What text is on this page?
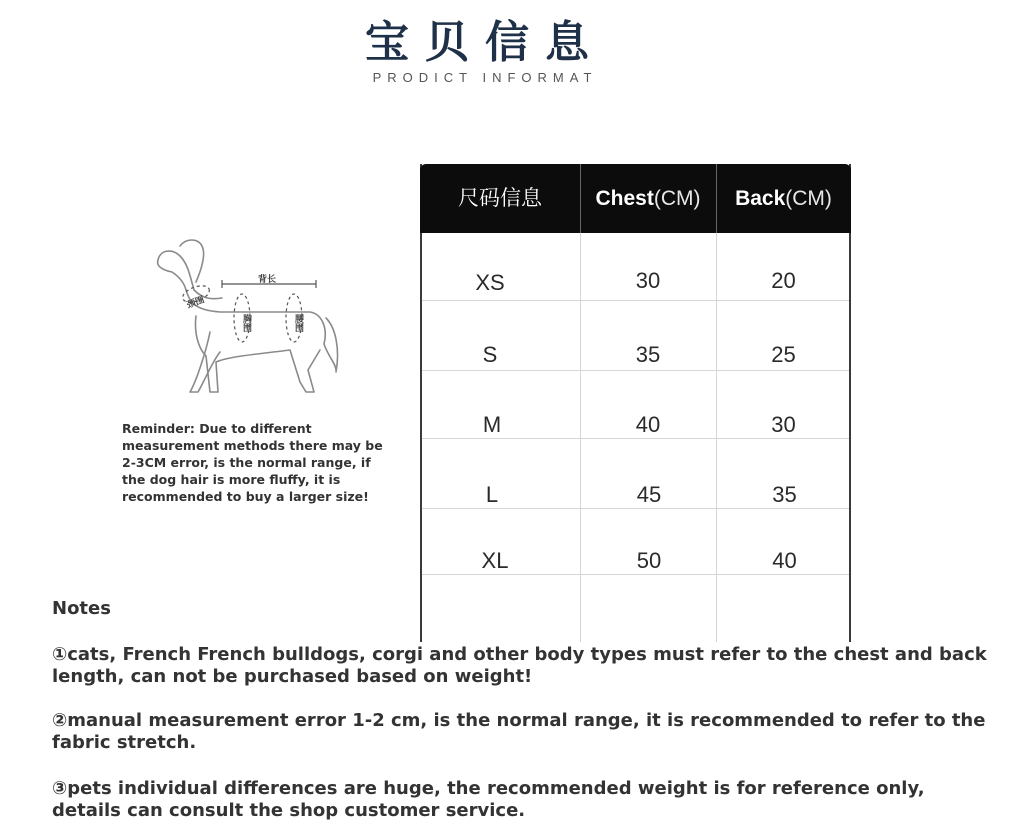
宝贝信息
PRODICT INFORMAT
背长
颈围
胸围	腰围
Reminder: Due to different measurement methods there may be 2-3CM error, is the normal range, if the dog hair is more fluffy, it is recommended to buy a larger size!
尺码信息	Chest(CM)	Back(CM)
XS	30	20
S	35	25
M	40	30
L	45	35
XL	50	40
Notes
①cats, French French bulldogs, corgi and other body types must refer to the chest and back length, can not be purchased based on weight!
②manual measurement error 1-2 cm, is the normal range, it is recommended to refer to the fabric stretch.
③pets individual differences are huge, the recommended weight is for reference only, details can consult the shop customer service.
